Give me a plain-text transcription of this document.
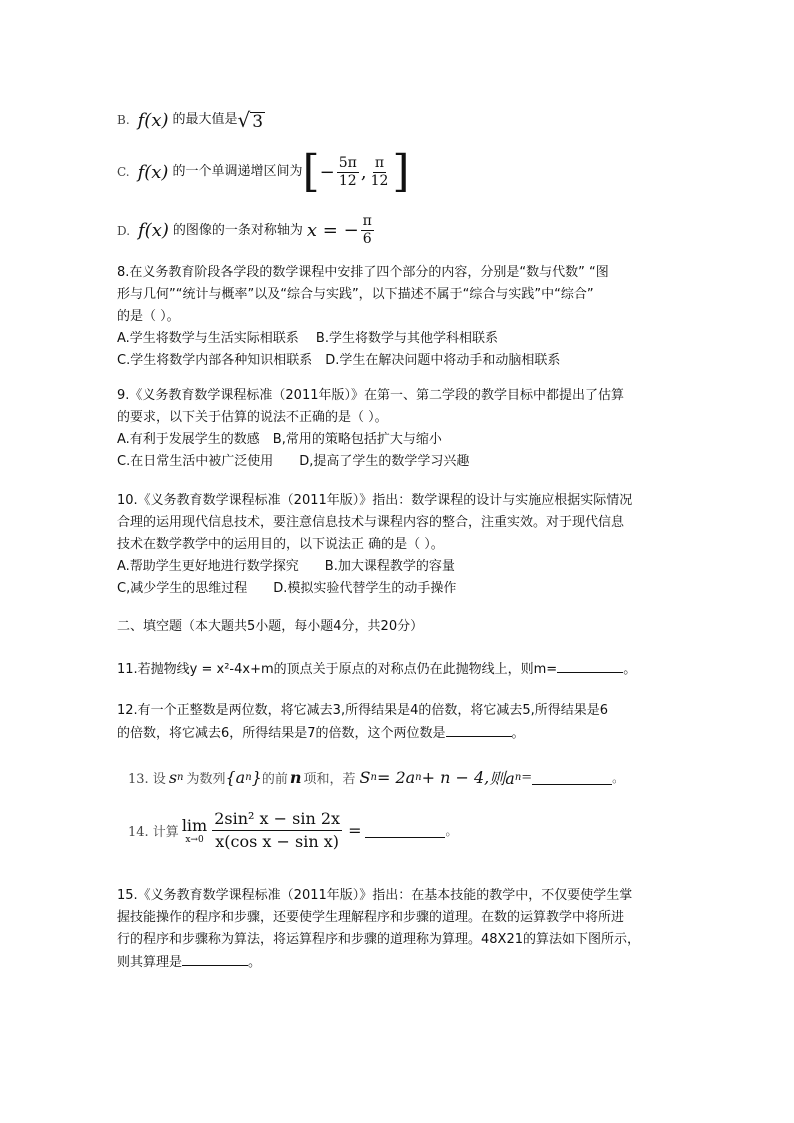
B. f(x) 的最大值是 √ 3
C. f(x) 的一个单调递增区间为 [ − $\frac{5\pi}{12}$ , $\frac{\pi}{12}$ ]
D. f(x) 的图像的一条对称轴为 x = − $\frac{\pi}{6}$
8.在义务教育阶段各学段的数学课程中安排了四个部分的内容，分别是“数与代数” “图
形与几何”“统计与概率”以及“综合与实践”，以下描述不属于“综合与实践”中“综合”
的是（ ）。
A.学生将数学与生活实际相联系　 B.学生将数学与其他学科相联系
C.学生将数学内部各种知识相联系　D.学生在解决问题中将动手和动脑相联系
9.《义务教育数学课程标准（2011年版）》在第一、第二学段的教学目标中都提出了估算
的要求，以下关于估算的说法不正确的是（ ）。
A.有利于发展学生的数感　B,常用的策略包括扩大与缩小
C.在日常生活中被广泛使用　　D,提高了学生的数学学习兴趣
10.《义务教育数学课程标准（2011年版）》指出：数学课程的设计与实施应根据实际情况
合理的运用现代信息技术，要注意信息技术与课程内容的整合，注重实效。对于现代信息
技术在数学教学中的运用目的，以下说法正 确的是（ ）。
A.帮助学生更好地进行数学探究　　B.加大课程教学的容量
C,减少学生的思维过程　　D.模拟实验代替学生的动手操作
二、填空题（本大题共5小题，每小题4分，共20分）
11.若抛物线y = x²-4x+m的顶点关于原点的对称点仍在此抛物线上，则m=	。
12.有一个正整数是两位数，将它减去3,所得结果是4的倍数，将它减去5,所得结果是6
的倍数，将它减去6，所得结果是7的倍数，这个两位数是	。
13. 设 s n 为数列 {a n } 的前 n 项和，若 S n = 2a n + n − 4, 则a n =	。
14. 计算 lim
$x\to 0 \frac{\text{2sin² x − sin 2x}}{\text{x(cos x − sin x)}}$ =	。
15.《义务教育数学课程标准（2011年版）》指出：在基本技能的教学中，不仅要使学生掌
握技能操作的程序和步骤，还要使学生理解程序和步骤的道理。在数的运算教学中将所进
行的程序和步骤称为算法，将运算程序和步骤的道理称为算理。48X21的算法如下图所示，
则其算理是	。
